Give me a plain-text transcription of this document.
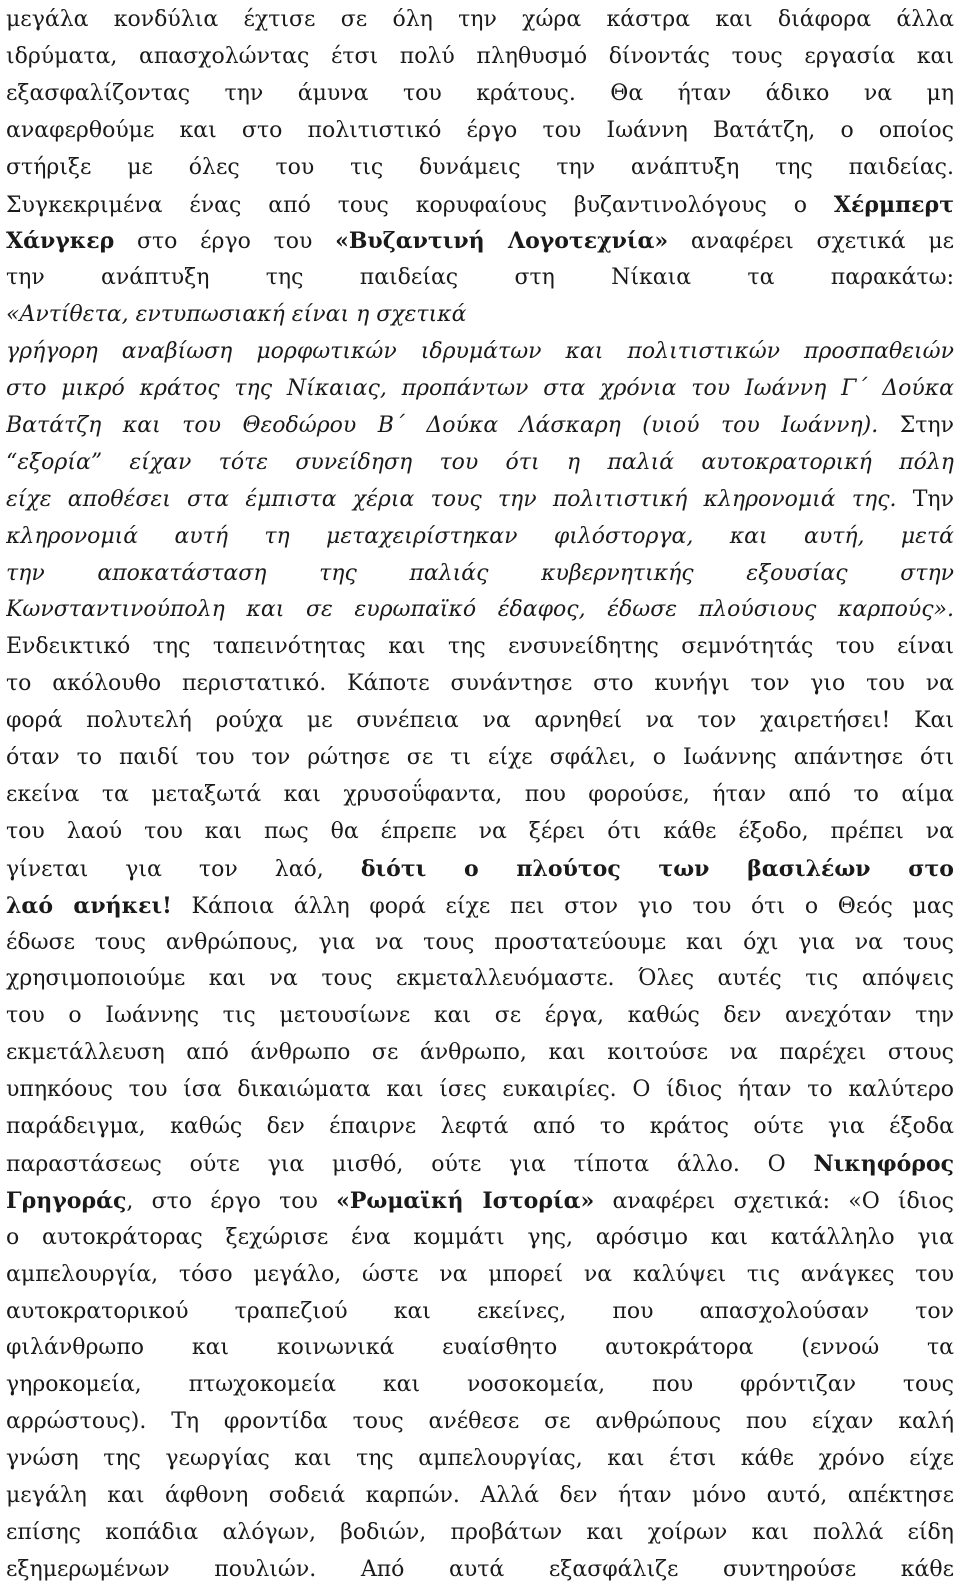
μεγάλα κονδύλια έχτισε σε όλη την χώρα κάστρα και διάφορα άλλα
ιδρύματα, απασχολώντας έτσι πολύ πληθυσμό δίνοντάς τους εργασία και
εξασφαλίζοντας την άμυνα του κράτους. Θα ήταν άδικο να μη
αναφερθούμε και στο πολιτιστικό έργο του Ιωάννη Βατάτζη, ο οποίος
στήριξε με όλες του τις δυνάμεις την ανάπτυξη της παιδείας.
Συγκεκριμένα ένας από τους κορυφαίους βυζαντινολόγους ο Χέρμπερτ
Χάνγκερ στο έργο του «Βυζαντινή Λογοτεχνία» αναφέρει σχετικά με
την ανάπτυξη της παιδείας στη Νίκαια τα παρακάτω:
«Αντίθετα, εντυπωσιακή είναι η σχετικά
γρήγορη αναβίωση μορφωτικών ιδρυμάτων και πολιτιστικών προσπαθειών
στο μικρό κράτος της Νίκαιας, προπάντων στα χρόνια του Ιωάννη Γ΄ Δούκα
Βατάτζη και του Θεοδώρου Β΄ Δούκα Λάσκαρη (υιού του Ιωάννη). Στην
“εξορία” είχαν τότε συνείδηση του ότι η παλιά αυτοκρατορική πόλη
είχε αποθέσει στα έμπιστα χέρια τους την πολιτιστική κληρονομιά της. Την
κληρονομιά αυτή τη μεταχειρίστηκαν φιλόστοργα, και αυτή, μετά
την αποκατάσταση της παλιάς κυβερνητικής εξουσίας στην
Κωνσταντινούπολη και σε ευρωπαϊκό έδαφος, έδωσε πλούσιους καρπούς».
Ενδεικτικό της ταπεινότητας και της ενσυνείδητης σεμνότητάς του είναι
το ακόλουθο περιστατικό. Κάποτε συνάντησε στο κυνήγι τον γιο του να
φορά πολυτελή ρούχα με συνέπεια να αρνηθεί να τον χαιρετήσει! Και
όταν το παιδί του τον ρώτησε σε τι είχε σφάλει, ο Ιωάννης απάντησε ότι
εκείνα τα μεταξωτά και χρυσοΰφαντα, που φορούσε, ήταν από το αίμα
του λαού του και πως θα έπρεπε να ξέρει ότι κάθε έξοδο, πρέπει να
γίνεται για τον λαό, διότι ο πλούτος των βασιλέων στο
λαό ανήκει! Κάποια άλλη φορά είχε πει στον γιο του ότι ο Θεός μας
έδωσε τους ανθρώπους, για να τους προστατεύουμε και όχι για να τους
χρησιμοποιούμε και να τους εκμεταλλευόμαστε. Όλες αυτές τις απόψεις
του ο Ιωάννης τις μετουσίωνε και σε έργα, καθώς δεν ανεχόταν την
εκμετάλλευση από άνθρωπο σε άνθρωπο, και κοιτούσε να παρέχει στους
υπηκόους του ίσα δικαιώματα και ίσες ευκαιρίες. Ο ίδιος ήταν το καλύτερο
παράδειγμα, καθώς δεν έπαιρνε λεφτά από το κράτος ούτε για έξοδα
παραστάσεως ούτε για μισθό, ούτε για τίποτα άλλο. Ο Νικηφόρος
Γρηγοράς, στο έργο του «Ρωμαϊκή Ιστορία» αναφέρει σχετικά: «Ο ίδιος
ο αυτοκράτορας ξεχώρισε ένα κομμάτι γης, αρόσιμο και κατάλληλο για
αμπελουργία, τόσο μεγάλο, ώστε να μπορεί να καλύψει τις ανάγκες του
αυτοκρατορικού τραπεζιού και εκείνες, που απασχολούσαν τον
φιλάνθρωπο και κοινωνικά ευαίσθητο αυτοκράτορα (εννοώ τα
γηροκομεία, πτωχοκομεία και νοσοκομεία, που φρόντιζαν τους
αρρώστους). Τη φροντίδα τους ανέθεσε σε ανθρώπους που είχαν καλή
γνώση της γεωργίας και της αμπελουργίας, και έτσι κάθε χρόνο είχε
μεγάλη και άφθονη σοδειά καρπών. Αλλά δεν ήταν μόνο αυτό, απέκτησε
επίσης κοπάδια αλόγων, βοδιών, προβάτων και χοίρων και πολλά είδη
εξημερωμένων πουλιών. Από αυτά εξασφάλιζε συντηρούσε κάθε
